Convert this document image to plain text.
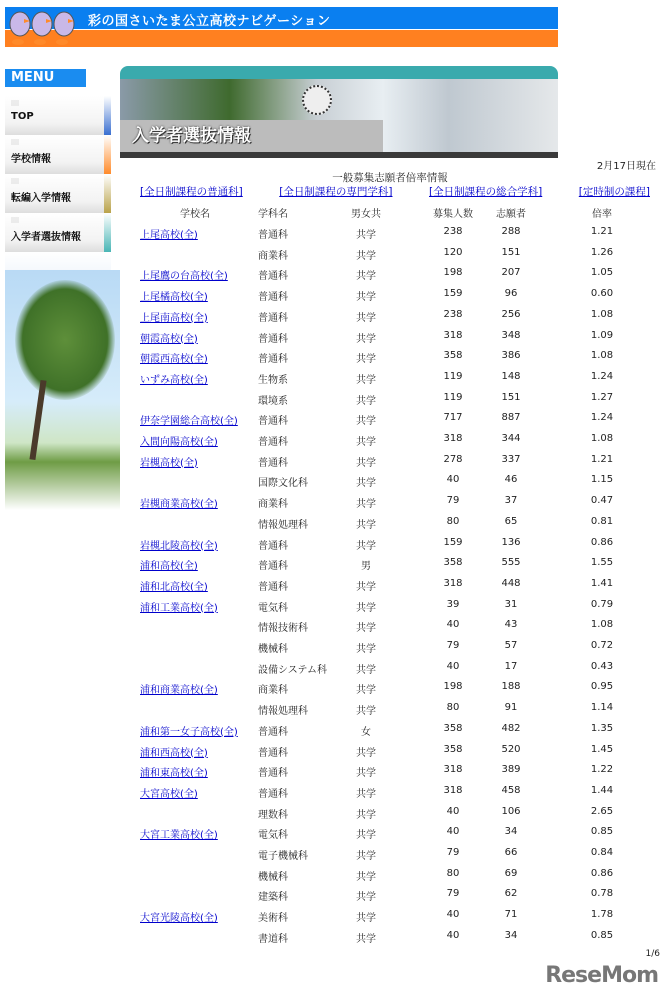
彩の国さいたま公立高校ナビゲーション
MENU
TOP
学校情報
転編入学情報
入学者選抜情報
入学者選抜情報
2月17日現在
一般募集志願者倍率情報
[全日制課程の普通科]	[全日制課程の専門学科]	[全日制課程の総合学科]	[定時制の課程]
学校名	学科名	男女共	募集人数	志願者	倍率
上尾高校(全)	普通科	共学	238	288	1.21
商業科	共学	120	151	1.26
上尾鷹の台高校(全)	普通科	共学	198	207	1.05
上尾橘高校(全)	普通科	共学	159	96	0.60
上尾南高校(全)	普通科	共学	238	256	1.08
朝霞高校(全)	普通科	共学	318	348	1.09
朝霞西高校(全)	普通科	共学	358	386	1.08
いずみ高校(全)	生物系	共学	119	148	1.24
環境系	共学	119	151	1.27
伊奈学園総合高校(全) 普通科	共学	717	887	1.24
入間向陽高校(全)	普通科	共学	318	344	1.08
岩槻高校(全)	普通科	共学	278	337	1.21
国際文化科	共学	40	46	1.15
岩槻商業高校(全)	商業科	共学	79	37	0.47
情報処理科	共学	80	65	0.81
岩槻北陵高校(全)	普通科	共学	159	136	0.86
浦和高校(全)	普通科	男	358	555	1.55
浦和北高校(全)	普通科	共学	318	448	1.41
浦和工業高校(全)	電気科	共学	39	31	0.79
情報技術科	共学	40	43	1.08
機械科	共学	79	57	0.72
設備システム科	共学	40	17	0.43
浦和商業高校(全)	商業科	共学	198	188	0.95
情報処理科	共学	80	91	1.14
浦和第一女子高校(全) 普通科	女	358	482	1.35
浦和西高校(全)	普通科	共学	358	520	1.45
浦和東高校(全)	普通科	共学	318	389	1.22
大宮高校(全)	普通科	共学	318	458	1.44
理数科	共学	40	106	2.65
大宮工業高校(全)	電気科	共学	40	34	0.85
電子機械科	共学	79	66	0.84
機械科	共学	80	69	0.86
建築科	共学	79	62	0.78
大宮光陵高校(全)	美術科	共学	40	71	1.78
書道科	共学	40	34	0.85
1/6
ReseMom
